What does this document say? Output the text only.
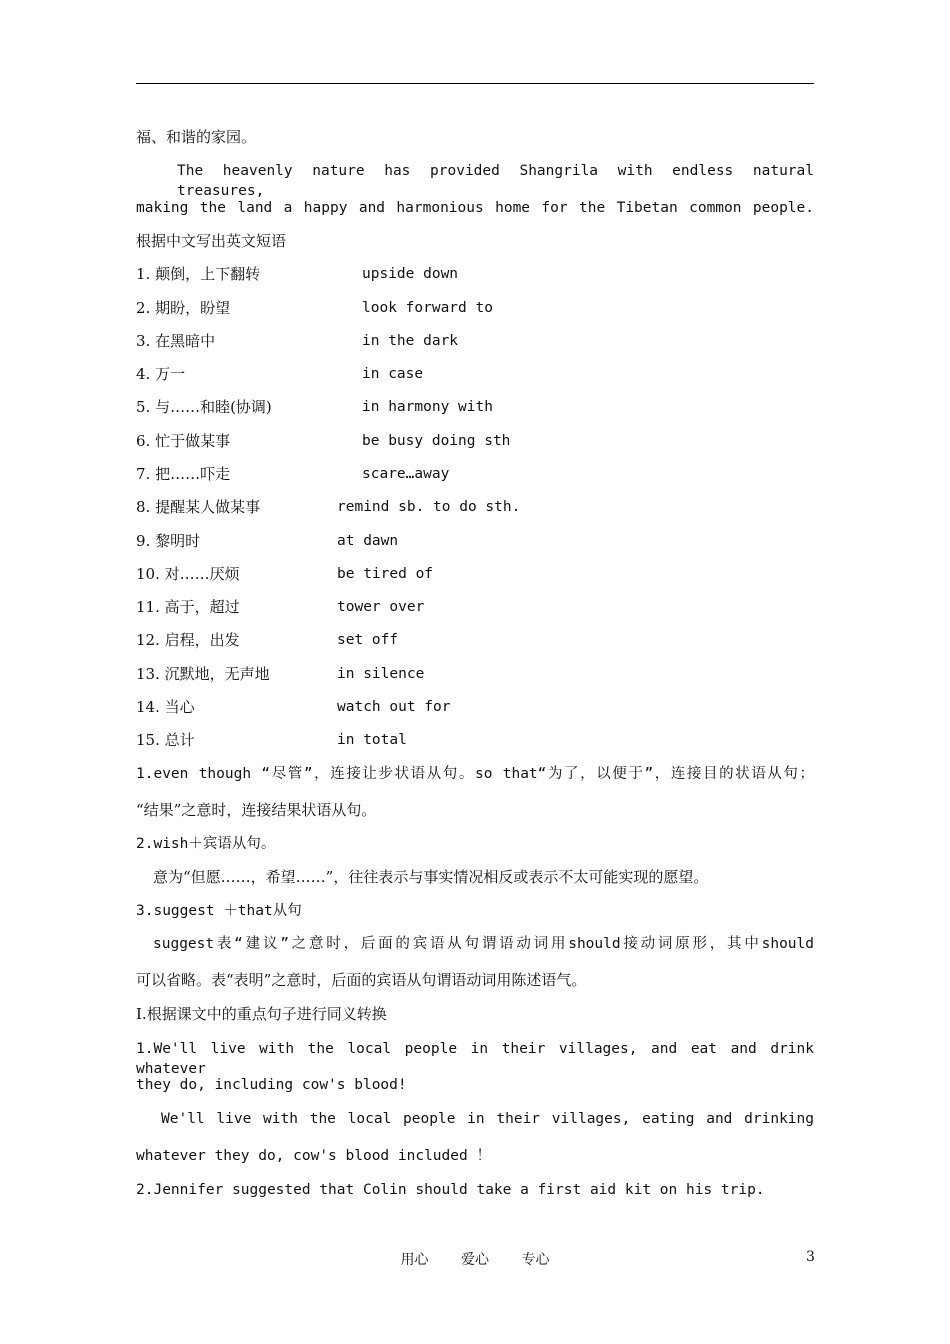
福、和谐的家园。
The heavenly nature has provided Shangrila with endless natural treasures,
making the land a happy and harmonious home for the Tibetan common people.
根据中文写出英文短语
1. 颠倒，上下翻转	upside down
2. 期盼，盼望	look forward to
3. 在黑暗中	in the dark
4. 万一	in case
5. 与……和睦(协调)	in harmony with
6. 忙于做某事	be busy doing sth
7. 把……吓走	scare…away
8. 提醒某人做某事	remind sb. to do sth.
9. 黎明时	at dawn
10. 对……厌烦	be tired of
11. 高于，超过	tower over
12. 启程，出发	set off
13. 沉默地，无声地	in silence
14. 当心	watch out for
15. 总计	in total
1.even though “尽管”，连接让步状语从句。so that“为了，以便于”，连接目的状语从句；
“结果”之意时，连接结果状语从句。
2.wish＋宾语从句。
意为“但愿……，希望……”，往往表示与事实情况相反或表示不太可能实现的愿望。
3.suggest ＋that从句
suggest表“建议”之意时，后面的宾语从句谓语动词用should接动词原形，其中should
可以省略。表“表明”之意时，后面的宾语从句谓语动词用陈述语气。
Ⅰ.根据课文中的重点句子进行同义转换
1.We'll live with the local people in their villages, and eat and drink whatever
they do, including cow's blood!
We'll live with the local people in their villages, eating and drinking
whatever they do, cow's blood included ！
2.Jennifer suggested that Colin should take a first aid kit on his trip.
用心 爱心 专心	3
